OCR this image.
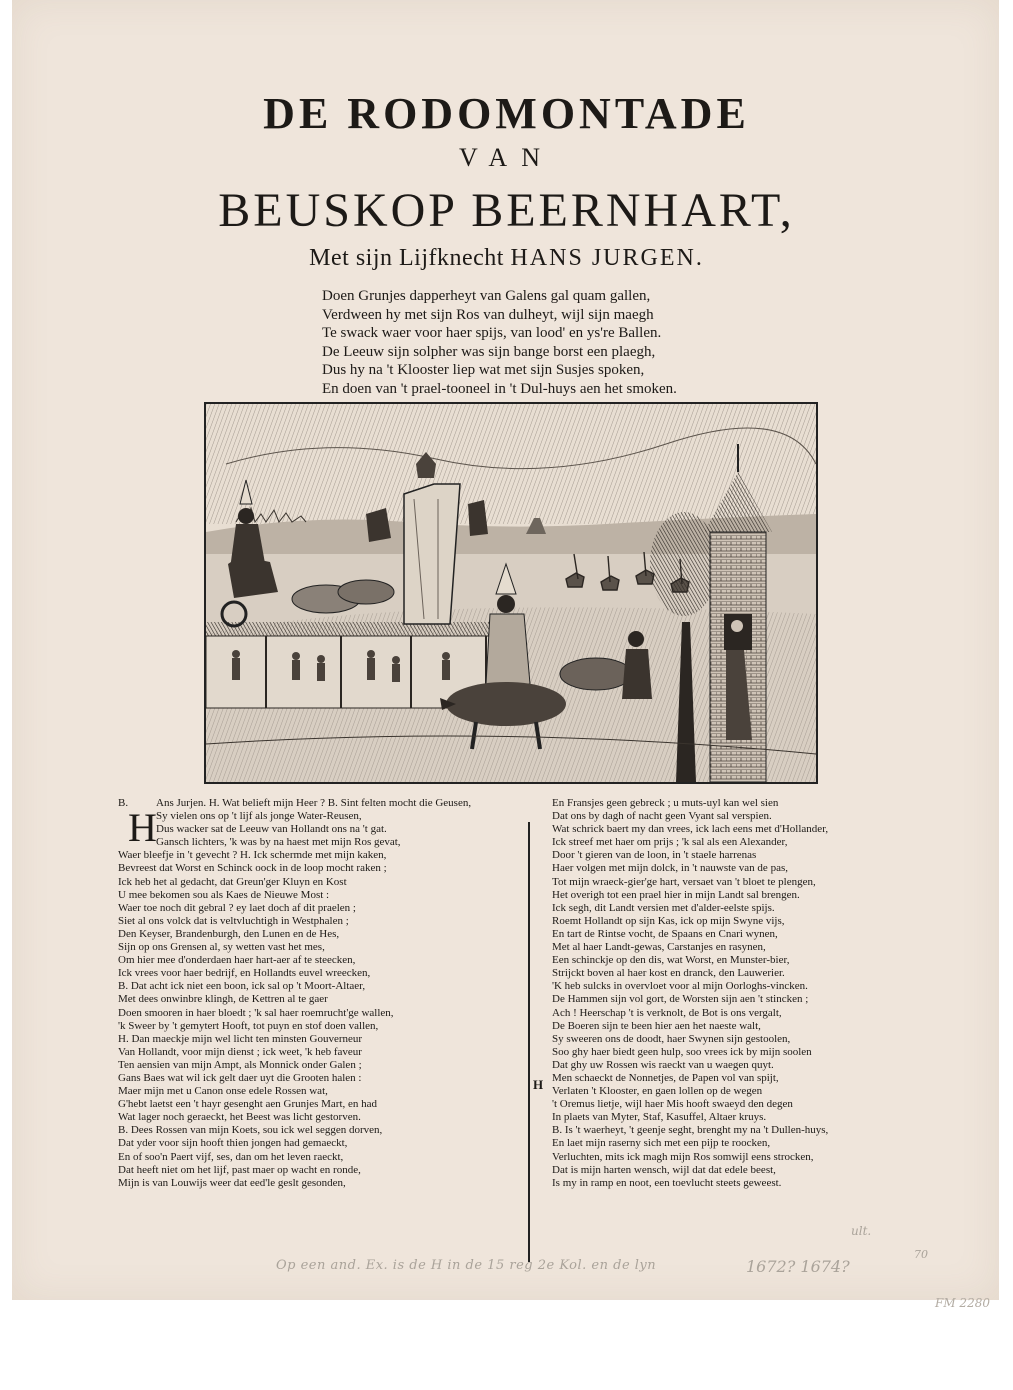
DE RODOMONTADE
VAN
BEUSKOP BEERNHART,
Met sijn Lijfknecht HANS JURGEN.
Doen Grunjes dapperheyt van Galens gal quam gallen,
Verdween hy met sijn Ros van dulheyt, wijl sijn maegh
Te swack waer voor haer spijs, van lood' en ys're Ballen.
De Leeuw sijn solpher was sijn bange borst een plaegh,
Dus hy na 't Klooster liep wat met sijn Susjes spoken,
En doen van 't prael-tooneel in 't Dul-huys aen het smoken.
B.
H
Ans Jurjen. H. Wat belieft mijn Heer ? B. Sint felten mocht die Geusen,
Sy vielen ons op 't lijf als jonge Water-Reusen,
Dus wacker sat de Leeuw van Hollandt ons na 't gat.
Gansch lichters, 'k was by na haest met mijn Ros gevat,
Waer bleefje in 't gevecht ? H. Ick schermde met mijn kaken,
Bevreest dat Worst en Schinck oock in de loop mocht raken ;
Ick heb het al gedacht, dat Greun'ger Kluyn en Kost
U mee bekomen sou als Kaes de Nieuwe Most :
Waer toe noch dit gebral ? ey laet doch af dit praelen ;
Siet al ons volck dat is veltvluchtigh in Westphalen ;
Den Keyser, Brandenburgh, den Lunen en de Hes,
Sijn op ons Grensen al, sy wetten vast het mes,
Om hier mee d'onderdaen haer hart-aer af te steecken,
Ick vrees voor haer bedrijf, en Hollandts euvel wreecken,
B. Dat acht ick niet een boon, ick sal op 't Moort-Altaer,
Met dees onwinbre klingh, de Kettren al te gaer
Doen smooren in haer bloedt ; 'k sal haer roemrucht'ge wallen,
'k Sweer by 't gemytert Hooft, tot puyn en stof doen vallen,
H. Dan maeckje mijn wel licht ten minsten Gouverneur
Van Hollandt, voor mijn dienst ; ick weet, 'k heb faveur
Ten aensien van mijn Ampt, als Monnick onder Galen ;
Gans Baes wat wil ick gelt daer uyt die Grooten halen :
Maer mijn met u Canon onse edele Rossen wat,
G'hebt laetst een 't hayr gesenght aen Grunjes Mart, en had
Wat lager noch geraeckt, het Beest was licht gestorven.
B. Dees Rossen van mijn Koets, sou ick wel seggen dorven,
Dat yder voor sijn hooft thien jongen had gemaeckt,
En of soo'n Paert vijf, ses, dan om het leven raeckt,
Dat heeft niet om het lijf, past maer op wacht en ronde,
Mijn is van Louwijs weer dat eed'le geslt gesonden,
H
En Fransjes geen gebreck ; u muts-uyl kan wel sien
Dat ons by dagh of nacht geen Vyant sal verspien.
Wat schrick baert my dan vrees, ick lach eens met d'Hollander,
Ick streef met haer om prijs ; 'k sal als een Alexander,
Door 't gieren van de loon, in 't staele harrenas
Haer volgen met mijn dolck, in 't nauwste van de pas,
Tot mijn wraeck-gier'ge hart, versaet van 't bloet te plengen,
Het overigh tot een prael hier in mijn Landt sal brengen.
Ick segh, dit Landt versien met d'alder-eelste spijs.
Roemt Hollandt op sijn Kas, ick op mijn Swyne vijs,
En tart de Rintse vocht, de Spaans en Cnari wynen,
Met al haer Landt-gewas, Carstanjes en rasynen,
Een schinckje op den dis, wat Worst, en Munster-bier,
Strijckt boven al haer kost en dranck, den Lauwerier.
'K heb sulcks in overvloet voor al mijn Oorloghs-vincken.
De Hammen sijn vol gort, de Worsten sijn aen 't stincken ;
Ach ! Heerschap 't is verknolt, de Bot is ons vergalt,
De Boeren sijn te been hier aen het naeste walt,
Sy sweeren ons de doodt, haer Swynen sijn gestoolen,
Soo ghy haer biedt geen hulp, soo vrees ick by mijn soolen
Dat ghy uw Rossen wis raeckt van u waegen quyt.
Men schaeckt de Nonnetjes, de Papen vol van spijt,
Verlaten 't Klooster, en gaen lollen op de wegen
't Oremus lietje, wijl haer Mis hooft swaeyd den degen
In plaets van Myter, Staf, Kasuffel, Altaer kruys.
B. Is 't waerheyt, 't geenje seght, brenght my na 't Dullen-huys,
En laet mijn raserny sich met een pijp te roocken,
Verluchten, mits ick magh mijn Ros somwijl eens strocken,
Dat is mijn harten wensch, wijl dat dat edele beest,
Is my in ramp en noot, een toevlucht steets geweest.
Op een and. Ex. is de H in de 15 reg 2e Kol. en de lyn	1672? 1674?
ult.
70
FM 2280
